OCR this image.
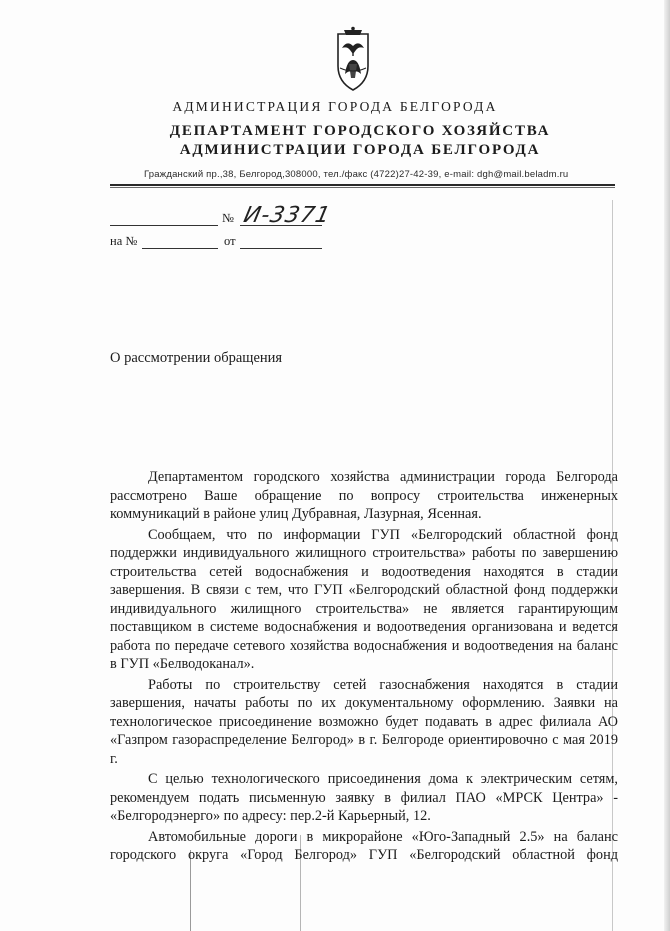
АДМИНИСТРАЦИЯ ГОРОДА БЕЛГОРОДА
ДЕПАРТАМЕНТ ГОРОДСКОГО ХОЗЯЙСТВА
АДМИНИСТРАЦИИ ГОРОДА БЕЛГОРОДА
Гражданский пр.,38, Белгород,308000, тел./факс (4722)27-42-39, e-mail: dgh@mail.beladm.ru
№ И-3371
на №	от
О рассмотрении обращения

Департаментом городского хозяйства администрации города Белгорода рассмотрено Ваше обращение по вопросу строительства инженерных коммуникаций в районе улиц Дубравная, Лазурная, Ясенная.

Сообщаем, что по информации ГУП «Белгородский областной фонд поддержки индивидуального жилищного строительства» работы по завершению строительства сетей водоснабжения и водоотведения находятся в стадии завершения. В связи с тем, что ГУП «Белгородский областной фонд поддержки индивидуального жилищного строительства» не является гарантирующим поставщиком в системе водоснабжения и водоотведения организована и ведется работа по передаче сетевого хозяйства водоснабжения и водоотведения на баланс в ГУП «Белводоканал».

Работы по строительству сетей газоснабжения находятся в стадии завершения, начаты работы по их документальному оформлению. Заявки на технологическое присоединение возможно будет подавать в адрес филиала АО «Газпром газораспределение Белгород» в г. Белгороде ориентировочно с мая 2019 г.

С целью технологического присоединения дома к электрическим сетям, рекомендуем подать письменную заявку в филиал ПАО «МРСК Центра» - «Белгородэнерго» по адресу: пер.2-й Карьерный, 12.

Автомобильные дороги в микрорайоне «Юго-Западный 2.5» на баланс городского округа «Город Белгород» ГУП «Белгородский областной фонд
